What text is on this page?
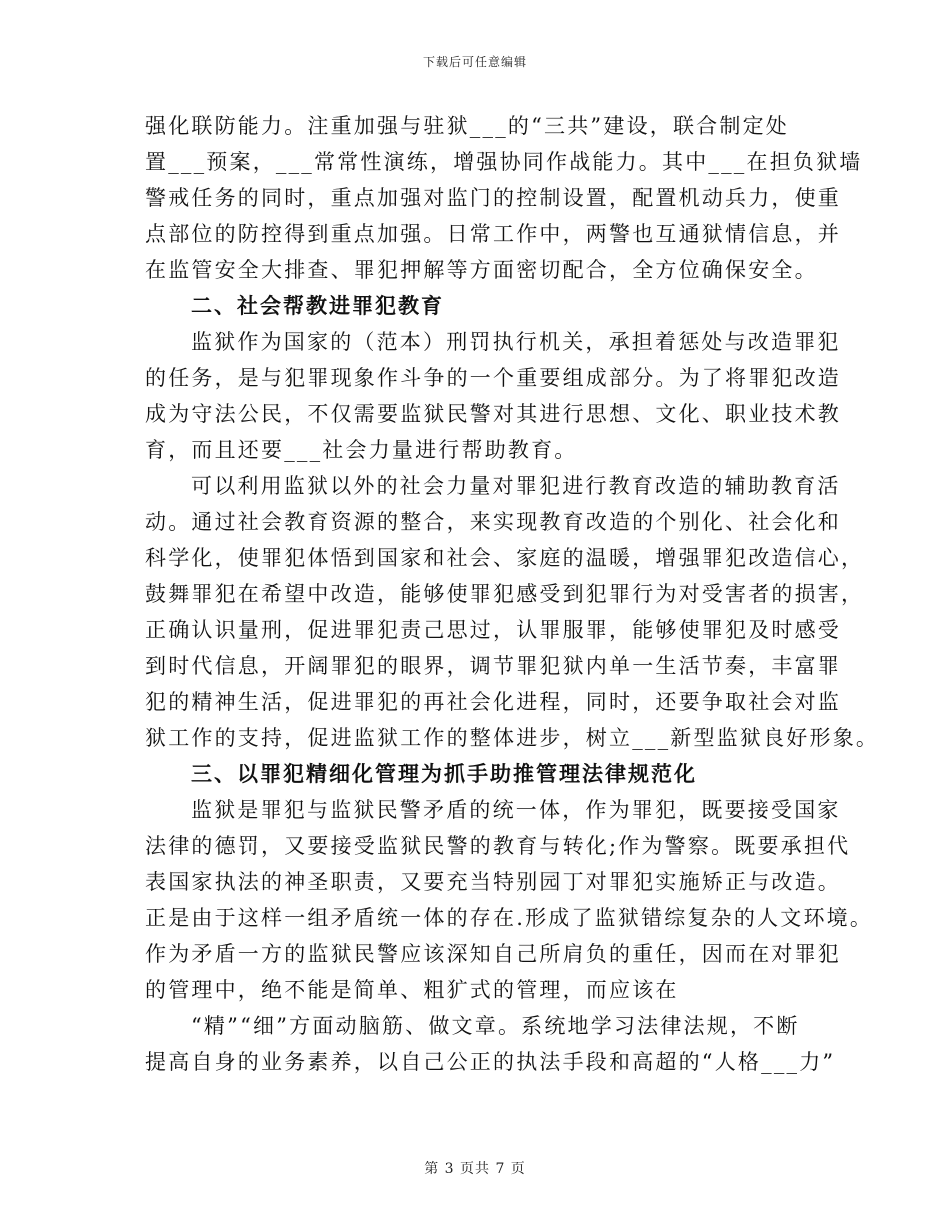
下载后可任意编辑
强化联防能力。注重加强与驻狱___的“三共”建设，联合制定处
置___预案，___常常性演练，增强协同作战能力。其中___在担负狱墙
警戒任务的同时，重点加强对监门的控制设置，配置机动兵力，使重
点部位的防控得到重点加强。日常工作中，两警也互通狱情信息，并
在监管安全大排查、罪犯押解等方面密切配合，全方位确保安全。
二、社会帮教进罪犯教育
监狱作为国家的（范本）刑罚执行机关，承担着惩处与改造罪犯
的任务，是与犯罪现象作斗争的一个重要组成部分。为了将罪犯改造
成为守法公民，不仅需要监狱民警对其进行思想、文化、职业技术教
育，而且还要___社会力量进行帮助教育。
可以利用监狱以外的社会力量对罪犯进行教育改造的辅助教育活
动。通过社会教育资源的整合，来实现教育改造的个别化、社会化和
科学化，使罪犯体悟到国家和社会、家庭的温暖，增强罪犯改造信心，
鼓舞罪犯在希望中改造，能够使罪犯感受到犯罪行为对受害者的损害，
正确认识量刑，促进罪犯责己思过，认罪服罪，能够使罪犯及时感受
到时代信息，开阔罪犯的眼界，调节罪犯狱内单一生活节奏，丰富罪
犯的精神生活，促进罪犯的再社会化进程，同时，还要争取社会对监
狱工作的支持，促进监狱工作的整体进步，树立___新型监狱良好形象。
三、以罪犯精细化管理为抓手助推管理法律规范化
监狱是罪犯与监狱民警矛盾的统一体，作为罪犯，既要接受国家
法律的德罚，又要接受监狱民警的教育与转化;作为警察。既要承担代
表国家执法的神圣职责，又要充当特别园丁对罪犯实施矫正与改造。
正是由于这样一组矛盾统一体的存在.形成了监狱错综复杂的人文环境。
作为矛盾一方的监狱民警应该深知自己所肩负的重任，因而在对罪犯
的管理中，绝不能是简单、粗犷式的管理，而应该在
“精”“细”方面动脑筋、做文章。系统地学习法律法规，不断
提高自身的业务素养，以自己公正的执法手段和高超的“人格___力”
第 3 页共 7 页
